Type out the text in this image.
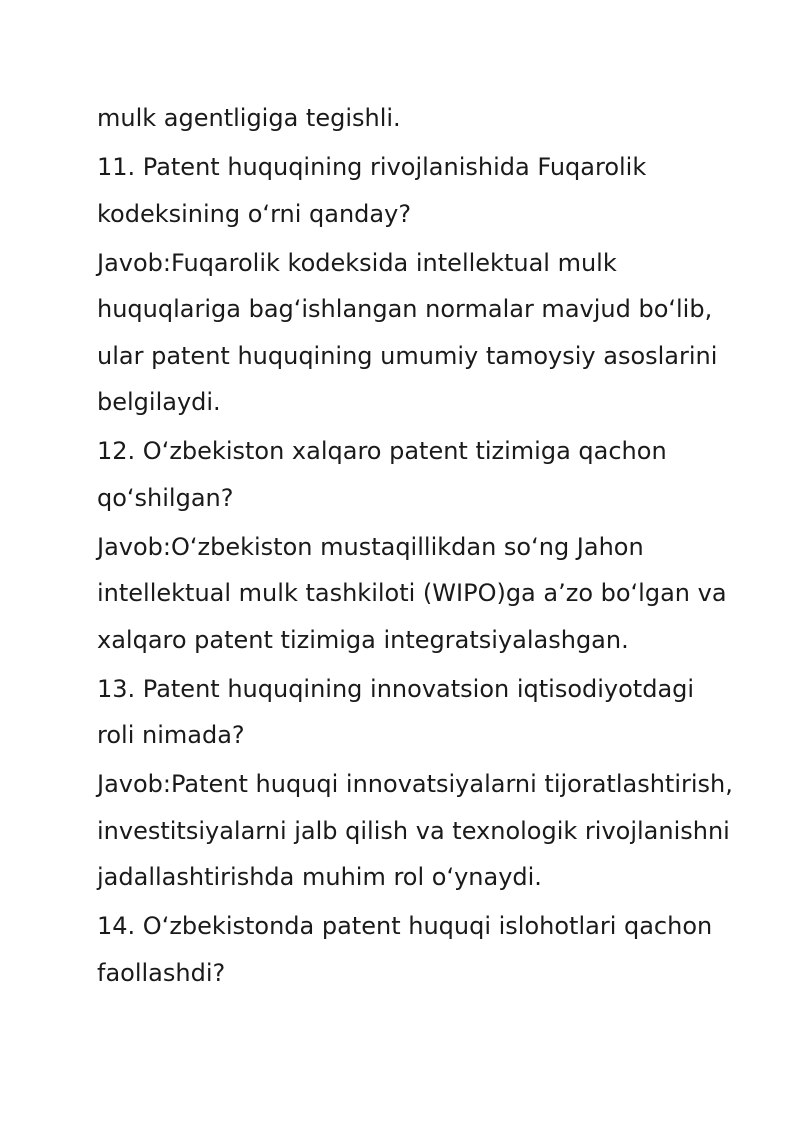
mulk agentligiga tegishli.

11. Patent huquqining rivojlanishida Fuqarolik
kodeksining o‘rni qanday?

Javob:Fuqarolik kodeksida intellektual mulk
huquqlariga bag‘ishlangan normalar mavjud bo‘lib,
ular patent huquqining umumiy tamoysiy asoslarini
belgilaydi.

12. O‘zbekiston xalqaro patent tizimiga qachon
qo‘shilgan?

Javob:O‘zbekiston mustaqillikdan so‘ng Jahon
intellektual mulk tashkiloti (WIPO)ga a’zo bo‘lgan va
xalqaro patent tizimiga integratsiyalashgan.

13. Patent huquqining innovatsion iqtisodiyotdagi
roli nimada?

Javob:Patent huquqi innovatsiyalarni tijoratlashtirish,
investitsiyalarni jalb qilish va texnologik rivojlanishni
jadallashtirishda muhim rol o‘ynaydi.

14. O‘zbekistonda patent huquqi islohotlari qachon
faollashdi?
